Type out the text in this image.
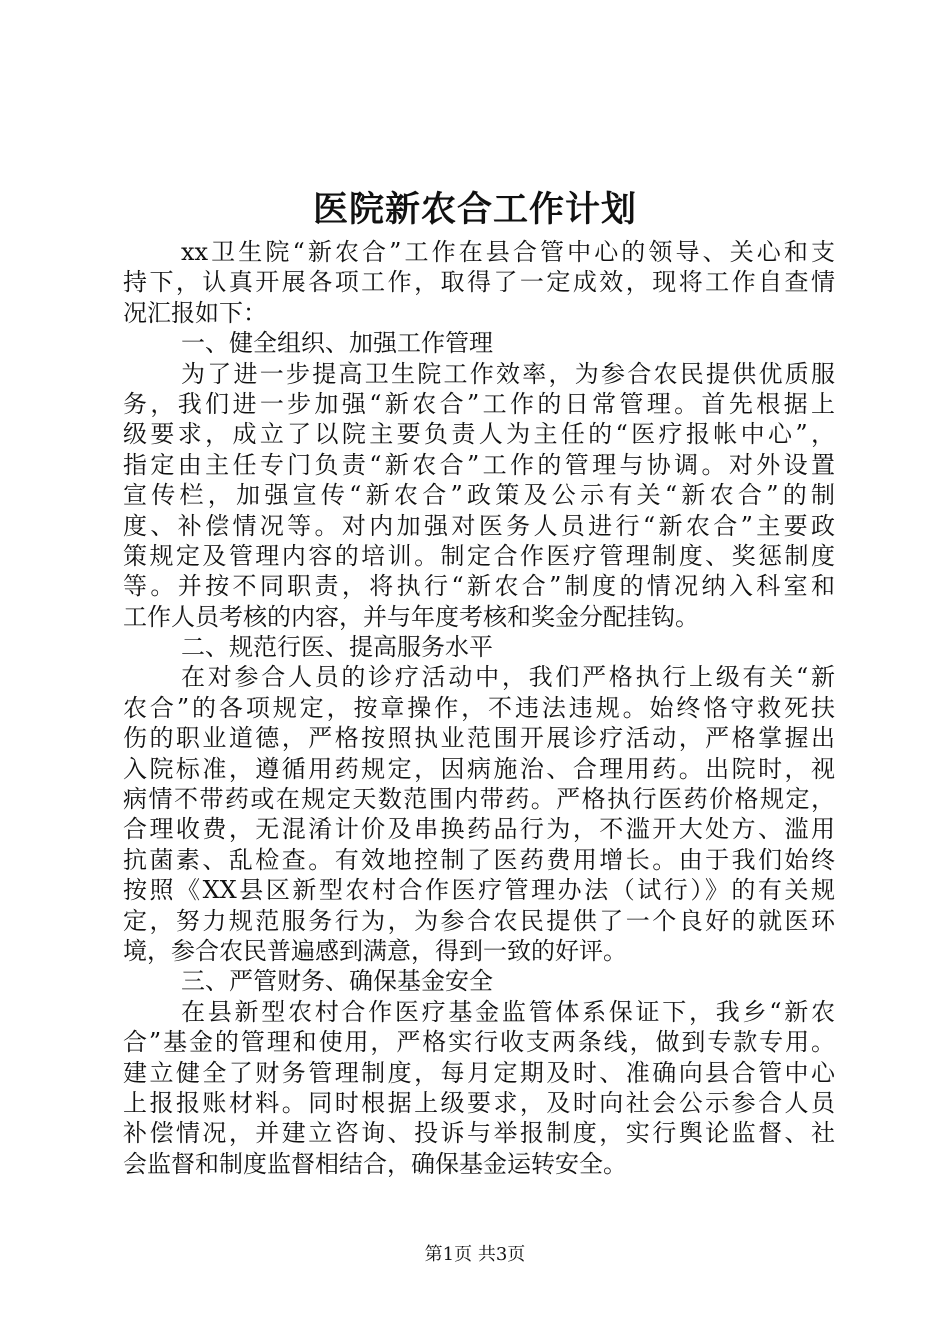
医院新农合工作计划
xx卫生院“新农合”工作在县合管中心的领导、关心和支
持下，认真开展各项工作，取得了一定成效，现将工作自查情
况汇报如下：
一、健全组织、加强工作管理
为了进一步提高卫生院工作效率，为参合农民提供优质服
务，我们进一步加强“新农合”工作的日常管理。首先根据上
级要求，成立了以院主要负责人为主任的“医疗报帐中心”，
指定由主任专门负责“新农合”工作的管理与协调。对外设置
宣传栏，加强宣传“新农合”政策及公示有关“新农合”的制
度、补偿情况等。对内加强对医务人员进行“新农合”主要政
策规定及管理内容的培训。制定合作医疗管理制度、奖惩制度
等。并按不同职责，将执行“新农合”制度的情况纳入科室和
工作人员考核的内容，并与年度考核和奖金分配挂钩。
二、规范行医、提高服务水平
在对参合人员的诊疗活动中，我们严格执行上级有关“新
农合”的各项规定，按章操作，不违法违规。始终恪守救死扶
伤的职业道德，严格按照执业范围开展诊疗活动，严格掌握出
入院标准，遵循用药规定，因病施治、合理用药。出院时，视
病情不带药或在规定天数范围内带药。严格执行医药价格规定，
合理收费，无混淆计价及串换药品行为，不滥开大处方、滥用
抗菌素、乱检查。有效地控制了医药费用增长。由于我们始终
按照《XX县区新型农村合作医疗管理办法（试行）》的有关规
定，努力规范服务行为，为参合农民提供了一个良好的就医环
境，参合农民普遍感到满意，得到一致的好评。
三、严管财务、确保基金安全
在县新型农村合作医疗基金监管体系保证下，我乡“新农
合”基金的管理和使用，严格实行收支两条线，做到专款专用。
建立健全了财务管理制度，每月定期及时、准确向县合管中心
上报报账材料。同时根据上级要求，及时向社会公示参合人员
补偿情况，并建立咨询、投诉与举报制度，实行舆论监督、社
会监督和制度监督相结合，确保基金运转安全。
第1页 共3页
